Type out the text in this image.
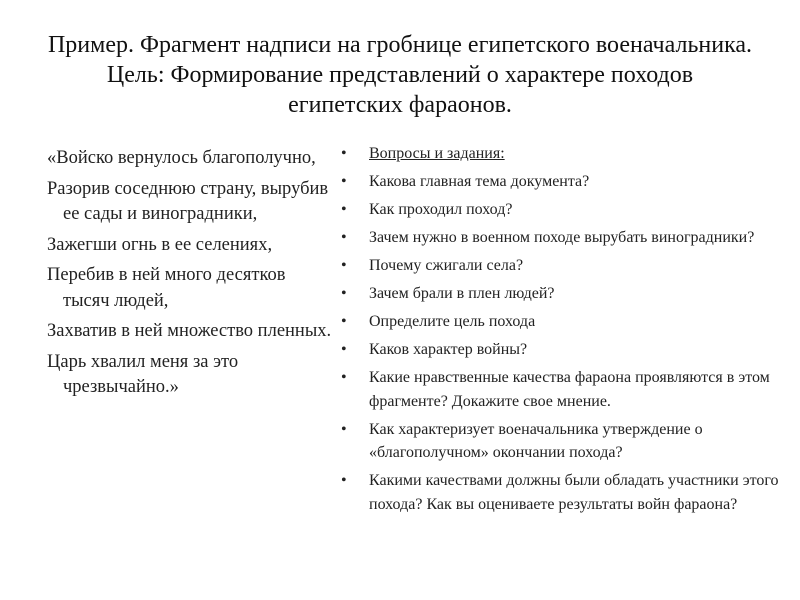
Пример. Фрагмент надписи на гробнице египетского военачальника.
Цель: Формирование представлений о характере походов
египетских фараонов.

«Войско вернулось благополучно,

Разорив соседнюю страну, вырубив ее сады и виноградники,

Зажегши огнь в ее селениях,

Перебив в ней много десятков тысяч людей,

Захватив в ней множество пленных.

Царь хвалил меня за это чрезвычайно.»

• Вопросы и задания:
• Какова главная тема документа?
• Как проходил поход?
• Зачем нужно в военном походе вырубать виноградники?
• Почему сжигали села?
• Зачем брали в плен людей?
• Определите цель похода
• Каков характер войны?
• Какие нравственные качества фараона проявляются в этом фрагменте? Докажите свое мнение.
• Как характеризует военачальника утверждение о «благополучном» окончании похода?
• Какими качествами должны были обладать участники этого похода? Как вы оцениваете результаты войн фараона?
